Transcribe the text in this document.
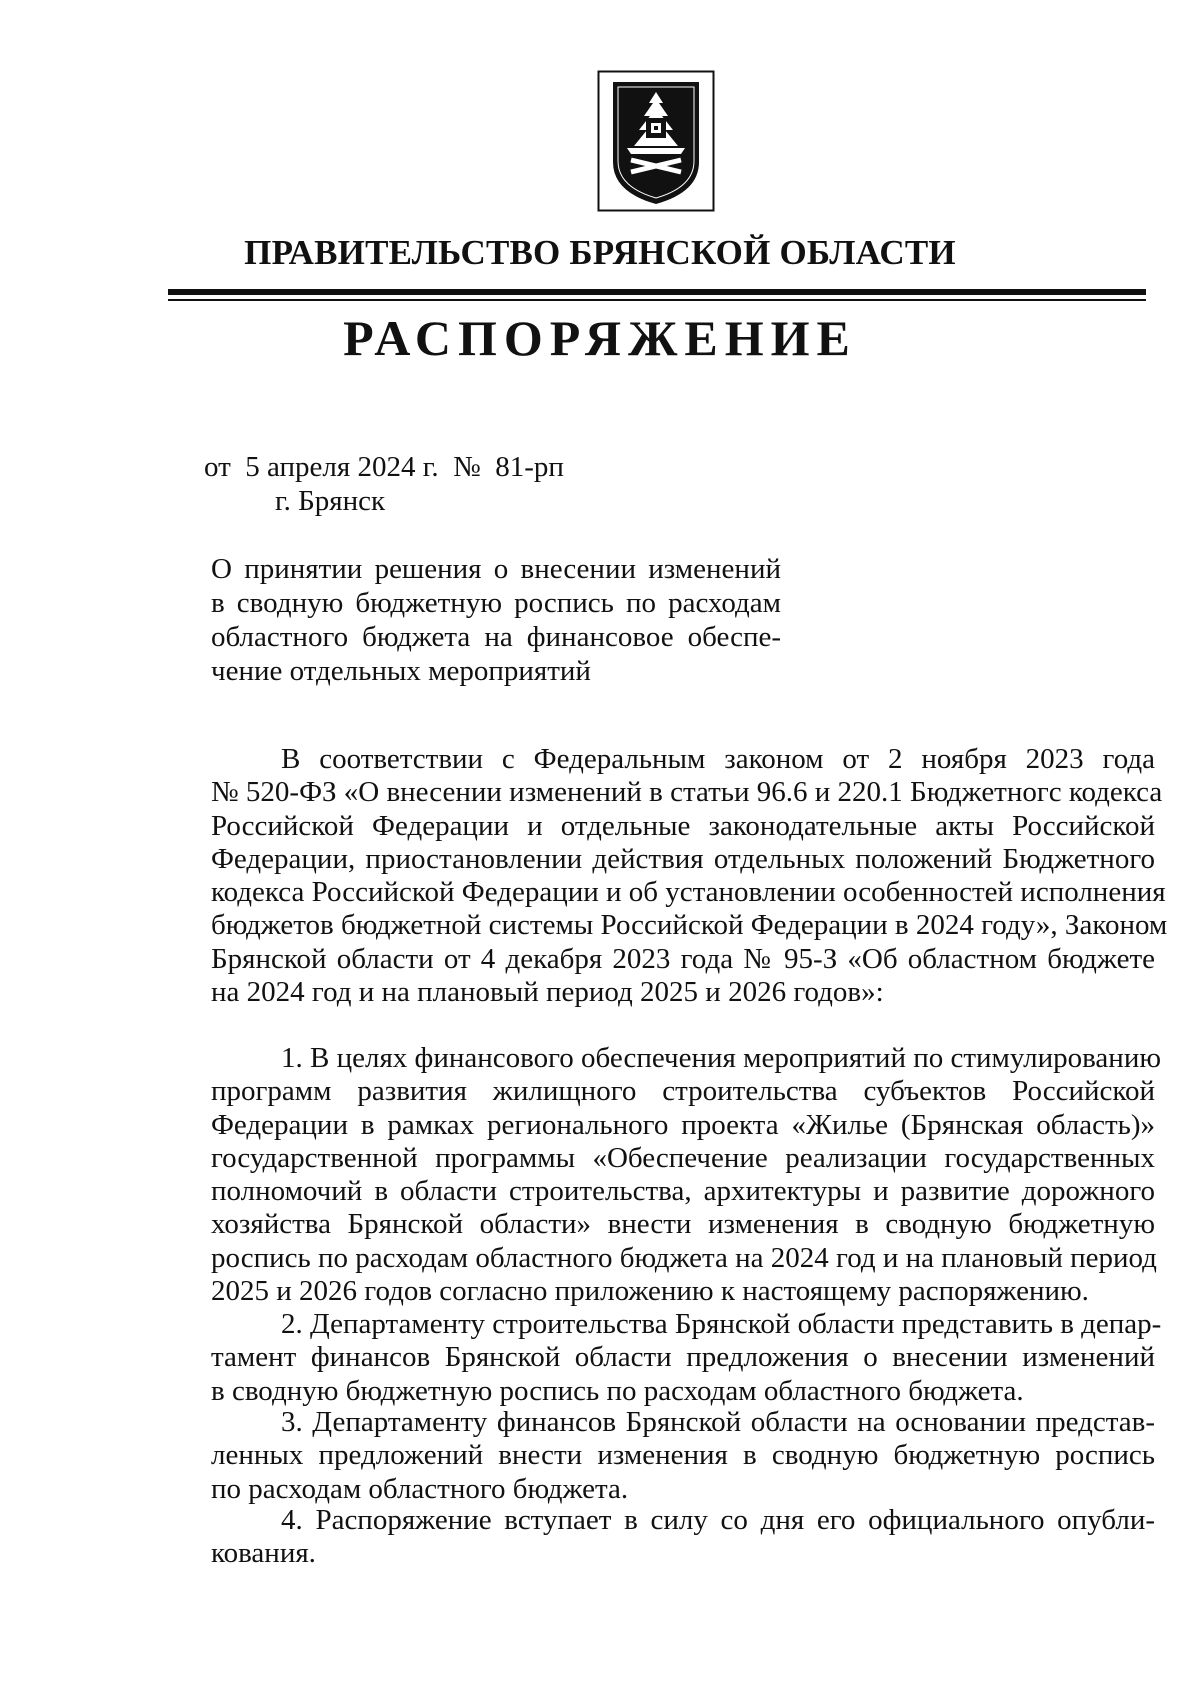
ПРАВИТЕЛЬСТВО БРЯНСКОЙ ОБЛАСТИ
РАСПОРЯЖЕНИЕ
от  5 апреля 2024 г.  №  81-рп
г. Брянск
О принятии решения о внесении изменений
в сводную бюджетную роспись по расходам
областного бюджета на финансовое обеспе-
чение отдельных мероприятий
В соответствии с Федеральным законом от 2 ноября 2023 года
№ 520-ФЗ «О внесении изменений в статьи 96.6 и 220.1 Бюджетногс кодекса
Российской Федерации и отдельные законодательные акты Российской
Федерации, приостановлении действия отдельных положений Бюджетного
кодекса Российской Федерации и об установлении особенностей исполнения
бюджетов бюджетной системы Российской Федерации в 2024 году», Законом
Брянской области от 4 декабря 2023 года № 95-З «Об областном бюджете
на 2024 год и на плановый период 2025 и 2026 годов»:
1. В целях финансового обеспечения мероприятий по стимулированию
программ развития жилищного строительства субъектов Российской
Федерации в рамках регионального проекта «Жилье (Брянская область)»
государственной программы «Обеспечение реализации государственных
полномочий в области строительства, архитектуры и развитие дорожного
хозяйства Брянской области» внести изменения в сводную бюджетную
роспись по расходам областного бюджета на 2024 год и на плановый период
2025 и 2026 годов согласно приложению к настоящему распоряжению.
2. Департаменту строительства Брянской области представить в депар-
тамент финансов Брянской области предложения о внесении изменений
в сводную бюджетную роспись по расходам областного бюджета.
3. Департаменту финансов Брянской области на основании представ-
ленных предложений внести изменения в сводную бюджетную роспись
по расходам областного бюджета.
4. Распоряжение вступает в силу со дня его официального опубли-
кования.
